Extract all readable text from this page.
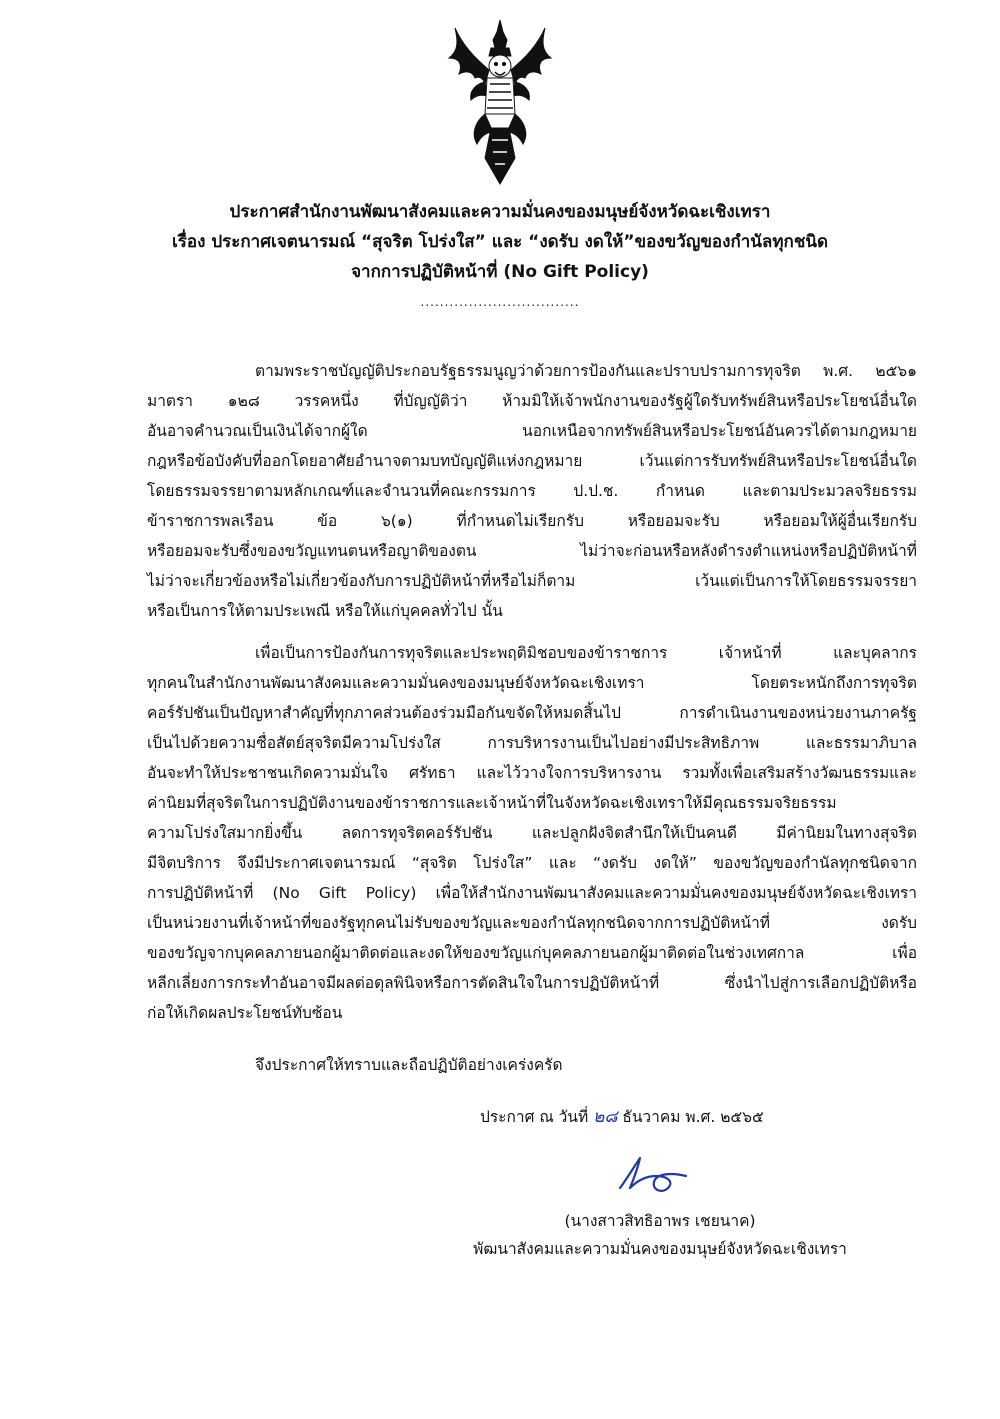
ประกาศสำนักงานพัฒนาสังคมและความมั่นคงของมนุษย์จังหวัดฉะเชิงเทรา
เรื่อง ประกาศเจตนารมณ์ “สุจริต โปร่งใส” และ “งดรับ งดให้”ของขวัญของกำนัลทุกชนิด
จากการปฏิบัติหน้าที่ (No Gift Policy)
.................................
ตามพระราชบัญญัติประกอบรัฐธรรมนูญว่าด้วยการป้องกันและปราบปรามการทุจริต พ.ศ. ๒๕๖๑
มาตรา ๑๒๘ วรรคหนึ่ง ที่บัญญัติว่า ห้ามมิให้เจ้าพนักงานของรัฐผู้ใดรับทรัพย์สินหรือประโยชน์อื่นใด
อันอาจคำนวณเป็นเงินได้จากผู้ใด นอกเหนือจากทรัพย์สินหรือประโยชน์อันควรได้ตามกฎหมาย
กฎหรือข้อบังคับที่ออกโดยอาศัยอำนาจตามบทบัญญัติแห่งกฎหมาย เว้นแต่การรับทรัพย์สินหรือประโยชน์อื่นใด
โดยธรรมจรรยาตามหลักเกณฑ์และจำนวนที่คณะกรรมการ ป.ป.ช. กำหนด และตามประมวลจริยธรรม
ข้าราชการพลเรือน ข้อ ๖(๑) ที่กำหนดไม่เรียกรับ หรือยอมจะรับ หรือยอมให้ผู้อื่นเรียกรับ
หรือยอมจะรับซึ่งของขวัญแทนตนหรือญาติของตน ไม่ว่าจะก่อนหรือหลังดำรงตำแหน่งหรือปฏิบัติหน้าที่
ไม่ว่าจะเกี่ยวข้องหรือไม่เกี่ยวข้องกับการปฏิบัติหน้าที่หรือไม่ก็ตาม เว้นแต่เป็นการให้โดยธรรมจรรยา
หรือเป็นการให้ตามประเพณี หรือให้แก่บุคคลทั่วไป นั้น
เพื่อเป็นการป้องกันการทุจริตและประพฤติมิชอบของข้าราชการ เจ้าหน้าที่ และบุคลากร
ทุกคนในสำนักงานพัฒนาสังคมและความมั่นคงของมนุษย์จังหวัดฉะเชิงเทรา โดยตระหนักถึงการทุจริต
คอร์รัปชันเป็นปัญหาสำคัญที่ทุกภาคส่วนต้องร่วมมือกันขจัดให้หมดสิ้นไป การดำเนินงานของหน่วยงานภาครัฐ
เป็นไปด้วยความซื่อสัตย์สุจริตมีความโปร่งใส การบริหารงานเป็นไปอย่างมีประสิทธิภาพ และธรรมาภิบาล
อันจะทำให้ประชาชนเกิดความมั่นใจ ศรัทธา และไว้วางใจการบริหารงาน รวมทั้งเพื่อเสริมสร้างวัฒนธรรมและ
ค่านิยมที่สุจริตในการปฏิบัติงานของข้าราชการและเจ้าหน้าที่ในจังหวัดฉะเชิงเทราให้มีคุณธรรมจริยธรรม
ความโปร่งใสมากยิ่งขึ้น ลดการทุจริตคอร์รัปชัน และปลูกฝังจิตสำนึกให้เป็นคนดี มีค่านิยมในทางสุจริต
มีจิตบริการ จึงมีประกาศเจตนารมณ์ “สุจริต โปร่งใส” และ “งดรับ งดให้” ของขวัญของกำนัลทุกชนิดจาก
การปฏิบัติหน้าที่ (No Gift Policy) เพื่อให้สำนักงานพัฒนาสังคมและความมั่นคงของมนุษย์จังหวัดฉะเชิงเทรา
เป็นหน่วยงานที่เจ้าหน้าที่ของรัฐทุกคนไม่รับของขวัญและของกำนัลทุกชนิดจากการปฏิบัติหน้าที่ งดรับ
ของขวัญจากบุคคลภายนอกผู้มาติดต่อและงดให้ของขวัญแก่บุคคลภายนอกผู้มาติดต่อในช่วงเทศกาล เพื่อ
หลีกเลี่ยงการกระทำอันอาจมีผลต่อดุลพินิจหรือการตัดสินใจในการปฏิบัติหน้าที่ ซึ่งนำไปสู่การเลือกปฏิบัติหรือ
ก่อให้เกิดผลประโยชน์ทับซ้อน
จึงประกาศให้ทราบและถือปฏิบัติอย่างเคร่งครัด
ประกาศ ณ วันที่ ๒๘ ธันวาคม พ.ศ. ๒๕๖๕
(นางสาวสิทธิอาพร เชยนาค)
พัฒนาสังคมและความมั่นคงของมนุษย์จังหวัดฉะเชิงเทรา
